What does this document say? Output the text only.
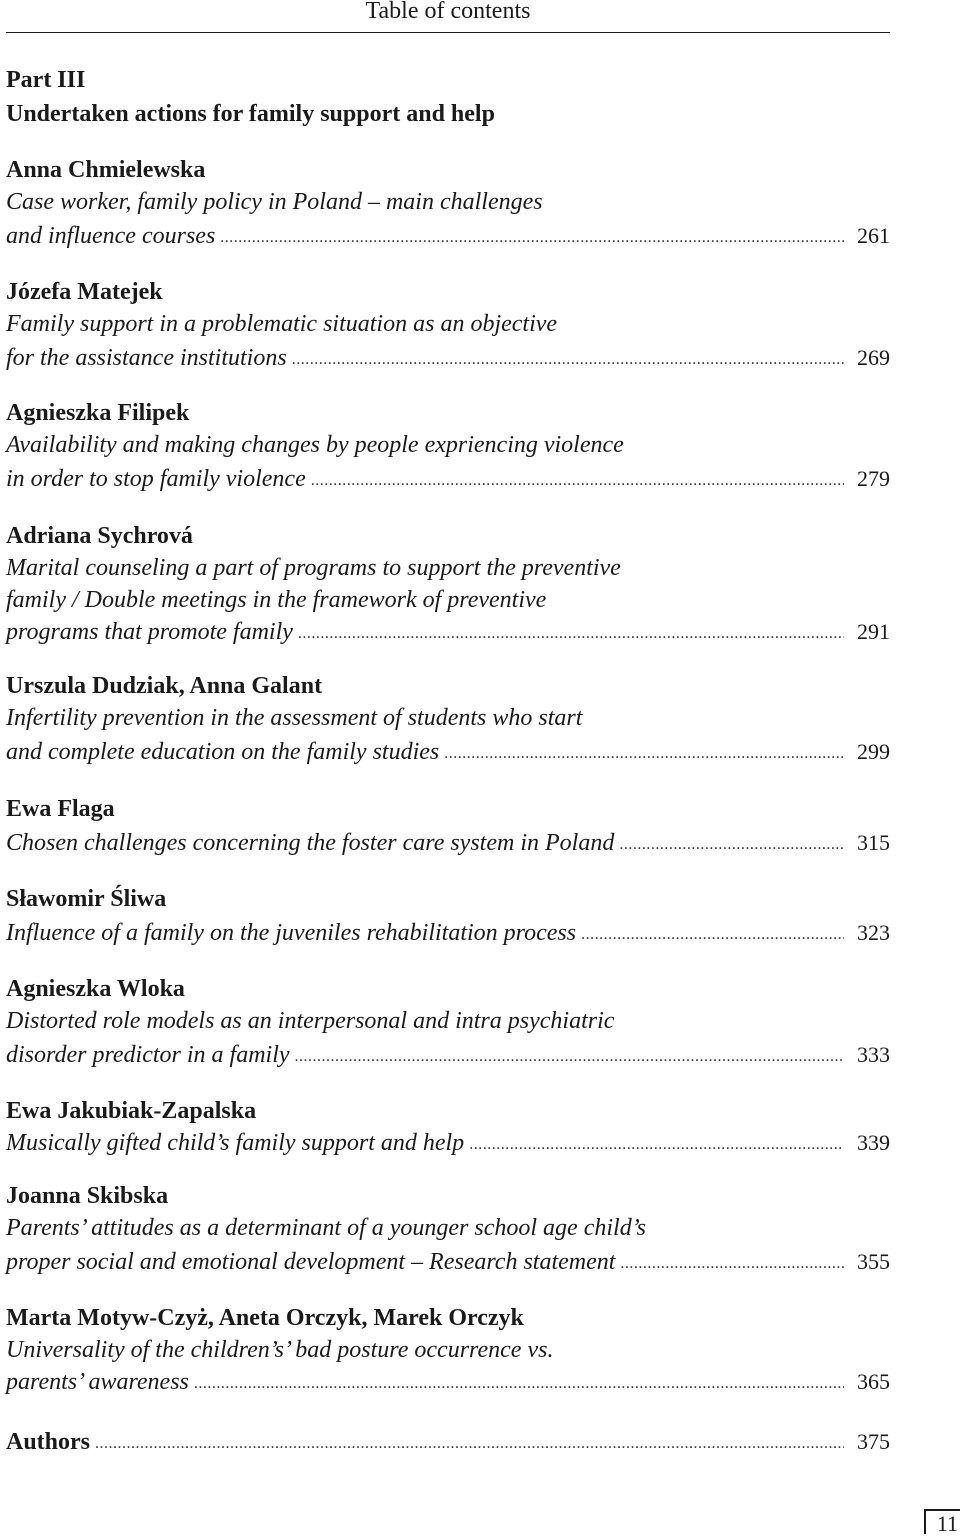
Table of contents
Part III
Undertaken actions for family support and help
Anna Chmielewska
Case worker, family policy in Poland – main challenges
and influence courses .....	261
Józefa Matejek
Family support in a problematic situation as an objective
for the assistance institutions .....	269
Agnieszka Filipek
Availability and making changes by people expriencing violence
in order to stop family violence .....	279
Adriana Sychrová
Marital counseling a part of programs to support the preventive
family / Double meetings in the framework of preventive
programs that promote family .....	291
Urszula Dudziak, Anna Galant
Infertility prevention in the assessment of students who start
and complete education on the family studies .....	299
Ewa Flaga
Chosen challenges concerning the foster care system in Poland .....	315
Sławomir Śliwa
Influence of a family on the juveniles rehabilitation process .....	323
Agnieszka Wloka
Distorted role models as an interpersonal and intra psychiatric
disorder predictor in a family .....	333
Ewa Jakubiak-Zapalska
Musically gifted child’s family support and help .....	339
Joanna Skibska
Parents’ attitudes as a determinant of a younger school age child’s
proper social and emotional development – Research statement .....	355
Marta Motyw-Czyż, Aneta Orczyk, Marek Orczyk
Universality of the children’s’ bad posture occurrence vs.
parents’ awareness .....	365
Authors .....	375
11
